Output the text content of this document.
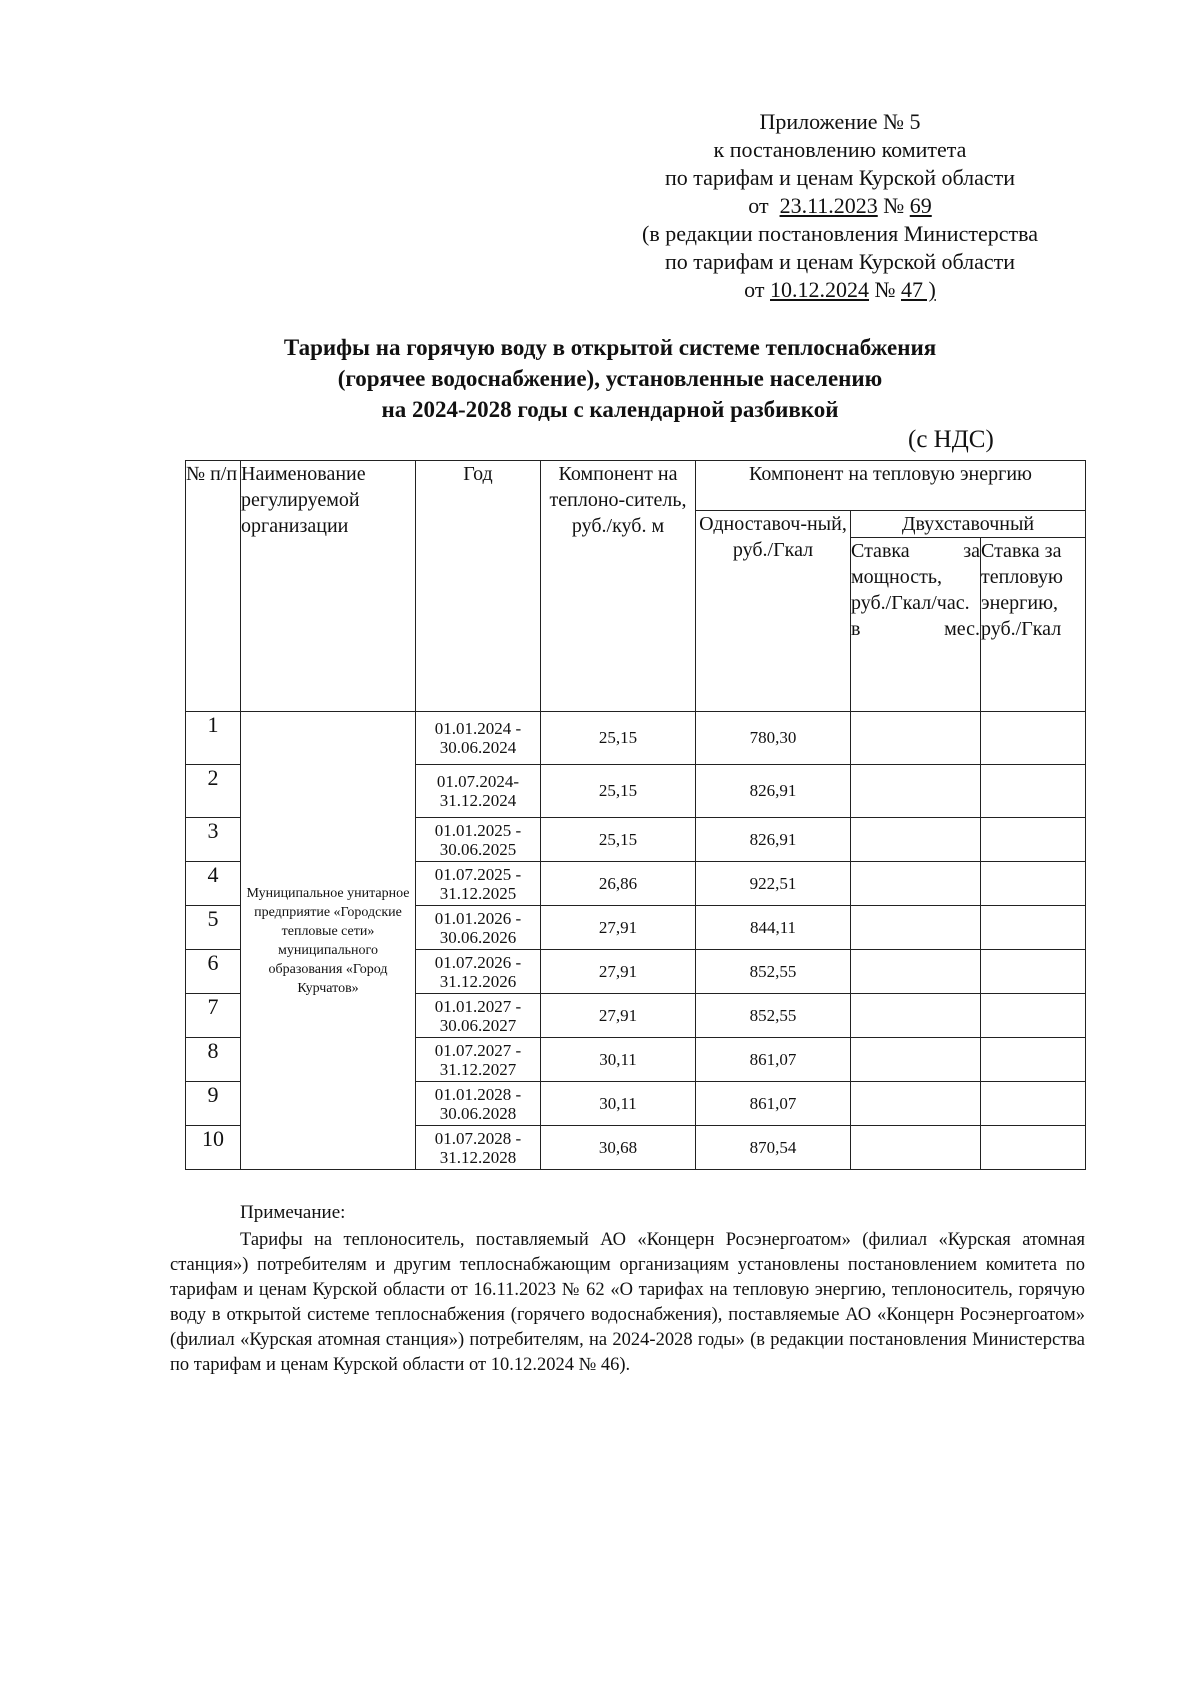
Приложение № 5
к постановлению комитета
по тарифам и ценам Курской области
от 23.11.2023 № 69
(в редакции постановления Министерства
по тарифам и ценам Курской области
от 10.12.2024 № 47 )
Тарифы на горячую воду в открытой системе теплоснабжения
(горячее водоснабжение), установленные населению
на 2024-2028 годы с календарной разбивкой
(с НДС)
№ п/п	Наименование регулируемой организации	Год	Компонент на теплоно-ситель, руб./куб. м	Компонент на тепловую энергию		
				Одноставоч-ный, руб./Гкал	Двухставочный	
					Ставка за мощность, руб./Гкал/час. в мес.	Ставка за тепловую энергию, руб./Гкал
1	Муниципальное унитарное предприятие «Городские тепловые сети» муниципального образования «Город Курчатов»	01.01.2024 - 30.06.2024	25,15	780,30		
2		01.07.2024- 31.12.2024	25,15	826,91		
3		01.01.2025 - 30.06.2025	25,15	826,91		
4		01.07.2025 - 31.12.2025	26,86	922,51		
5		01.01.2026 - 30.06.2026	27,91	844,11		
6		01.07.2026 - 31.12.2026	27,91	852,55		
7		01.01.2027 - 30.06.2027	27,91	852,55		
8		01.07.2027 - 31.12.2027	30,11	861,07		
9		01.01.2028 - 30.06.2028	30,11	861,07		
10		01.07.2028 - 31.12.2028	30,68	870,54		
Примечание:
Тарифы на теплоноситель, поставляемый АО «Концерн Росэнергоатом» (филиал «Курская атомная станция») потребителям и другим теплоснабжающим организациям установлены постановлением комитета по тарифам и ценам Курской области от 16.11.2023 № 62 «О тарифах на тепловую энергию, теплоноситель, горячую воду в открытой системе теплоснабжения (горячего водоснабжения), поставляемые АО «Концерн Росэнергоатом» (филиал «Курская атомная станция») потребителям, на 2024-2028 годы» (в редакции постановления Министерства по тарифам и ценам Курской области от 10.12.2024 № 46).
